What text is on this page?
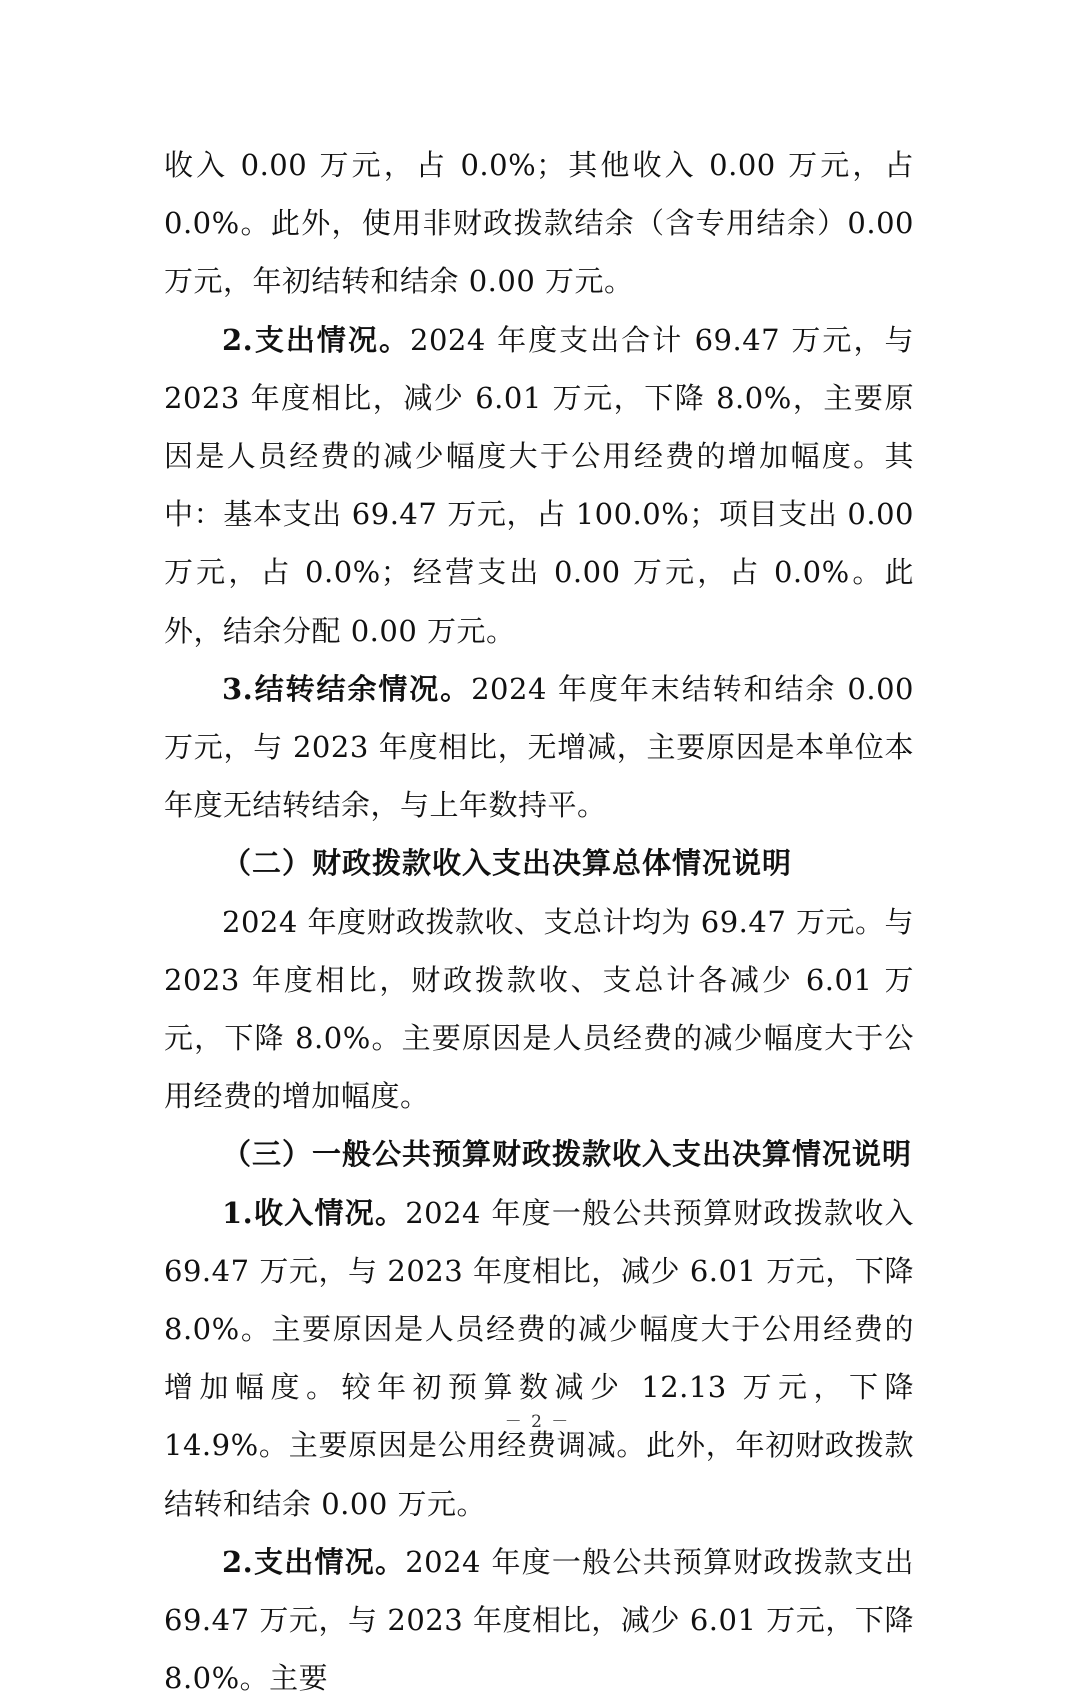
收入 0.00 万元，占 0.0%；其他收入 0.00 万元，占 0.0%。此外，使用非财政拨款结余（含专用结余）0.00 万元，年初结转和结余 0.00 万元。

2.支出情况。2024 年度支出合计 69.47 万元，与 2023 年度相比，减少 6.01 万元，下降 8.0%，主要原因是人员经费的减少幅度大于公用经费的增加幅度。其中：基本支出 69.47 万元，占 100.0%；项目支出 0.00 万元，占 0.0%；经营支出 0.00 万元，占 0.0%。此外，结余分配 0.00 万元。

3.结转结余情况。2024 年度年末结转和结余 0.00 万元，与 2023 年度相比，无增减，主要原因是本单位本年度无结转结余，与上年数持平。

（二）财政拨款收入支出决算总体情况说明

2024 年度财政拨款收、支总计均为 69.47 万元。与 2023 年度相比，财政拨款收、支总计各减少 6.01 万元，下降 8.0%。主要原因是人员经费的减少幅度大于公用经费的增加幅度。

（三）一般公共预算财政拨款收入支出决算情况说明

1.收入情况。2024 年度一般公共预算财政拨款收入 69.47 万元，与 2023 年度相比，减少 6.01 万元，下降 8.0%。主要原因是人员经费的减少幅度大于公用经费的增加幅度。较年初预算数减少 12.13 万元，下降 14.9%。主要原因是公用经费调减。此外，年初财政拨款结转和结余 0.00 万元。

2.支出情况。2024 年度一般公共预算财政拨款支出 69.47 万元，与 2023 年度相比，减少 6.01 万元，下降 8.0%。主要

－ 2 －
